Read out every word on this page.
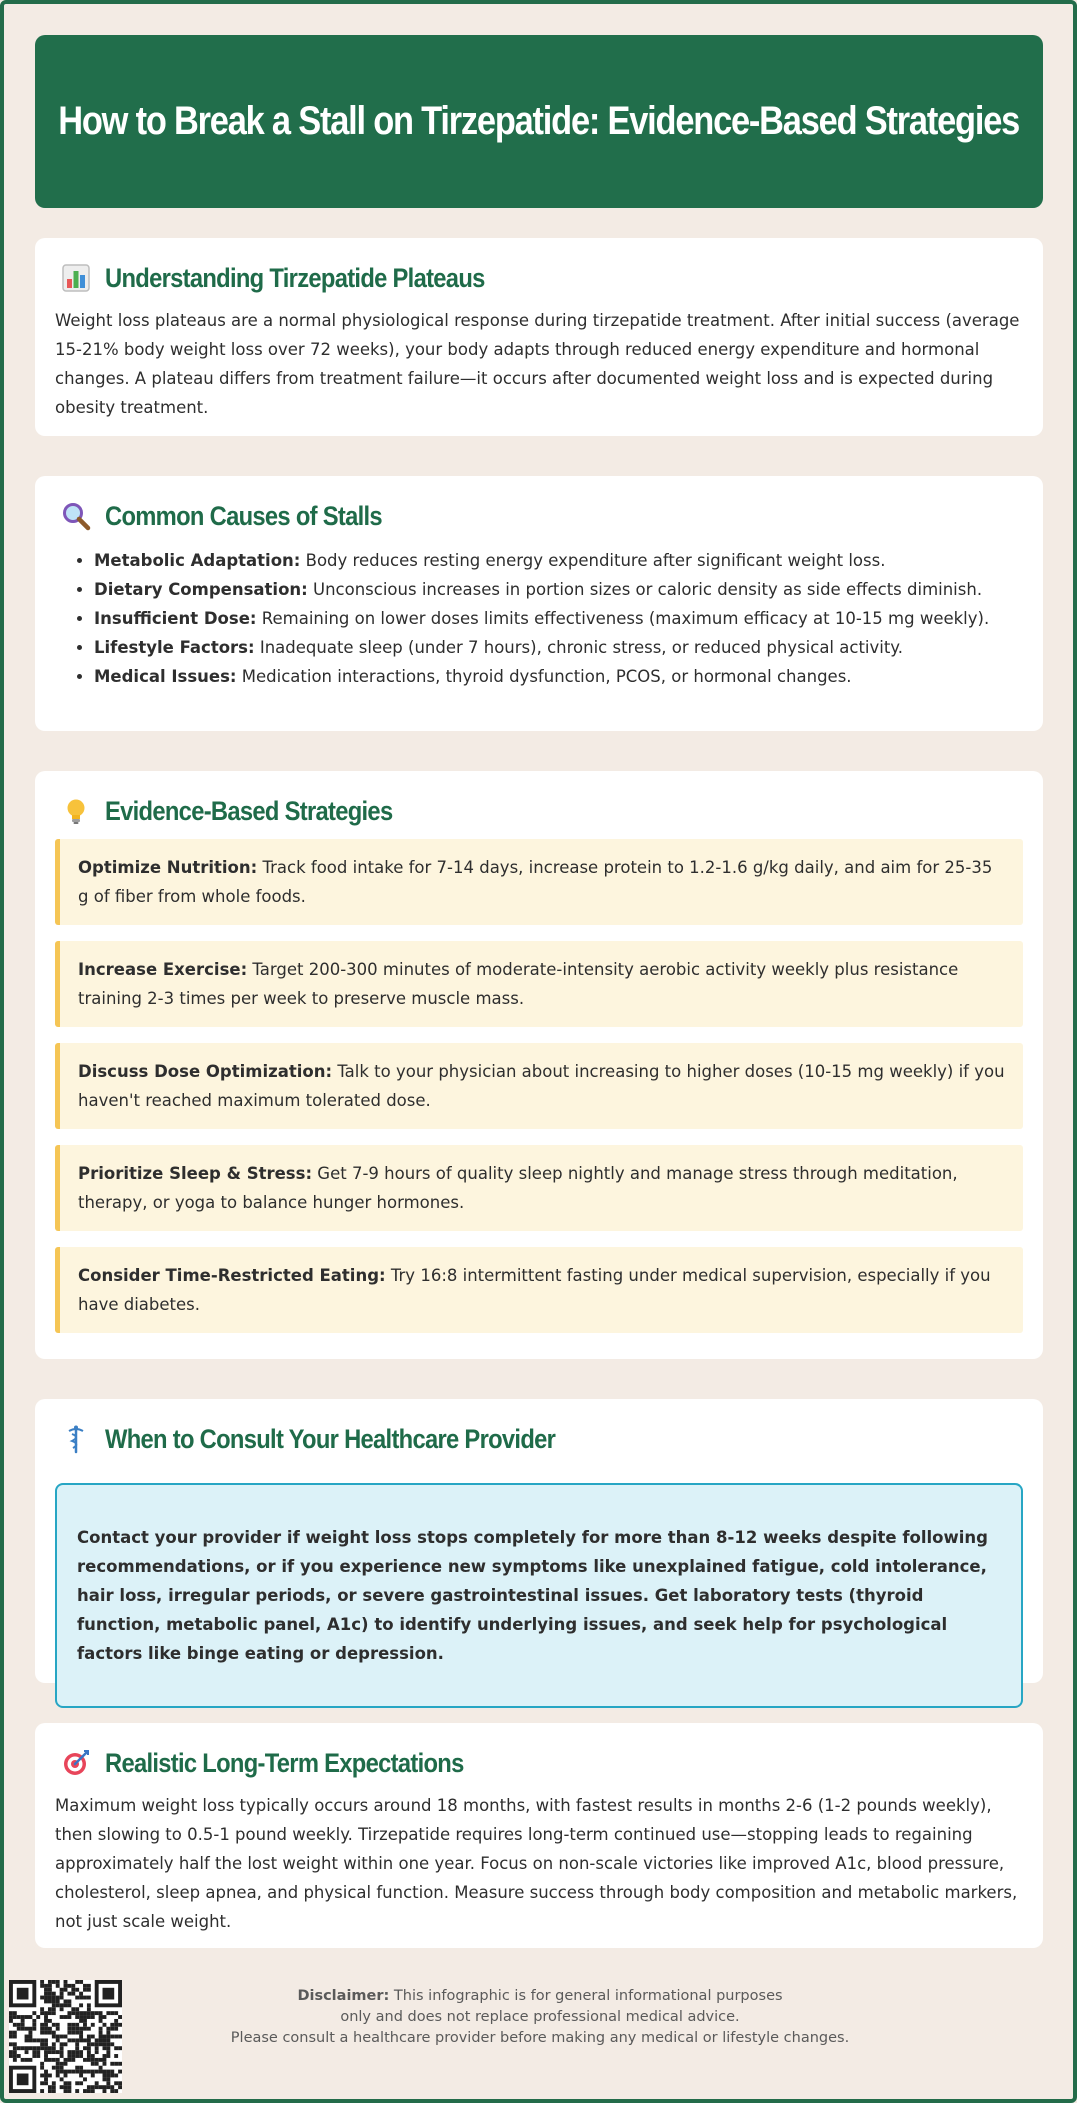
How to Break a Stall on Tirzepatide: Evidence-Based Strategies
Understanding Tirzepatide Plateaus

Weight loss plateaus are a normal physiological response during tirzepatide treatment. After initial success (average 15-21% body weight loss over 72 weeks), your body adapts through reduced energy expenditure and hormonal changes. A plateau differs from treatment failure—it occurs after documented weight loss and is expected during obesity treatment.

Common Causes of Stalls
• Metabolic Adaptation: Body reduces resting energy expenditure after significant weight loss.
• Dietary Compensation: Unconscious increases in portion sizes or caloric density as side effects diminish.
• Insufficient Dose: Remaining on lower doses limits effectiveness (maximum efficacy at 10-15 mg weekly).
• Lifestyle Factors: Inadequate sleep (under 7 hours), chronic stress, or reduced physical activity.
• Medical Issues: Medication interactions, thyroid dysfunction, PCOS, or hormonal changes.
Evidence-Based Strategies
Optimize Nutrition: Track food intake for 7-14 days, increase protein to 1.2-1.6 g/kg daily, and aim for 25-35 g of fiber from whole foods.
Increase Exercise: Target 200-300 minutes of moderate-intensity aerobic activity weekly plus resistance training 2-3 times per week to preserve muscle mass.
Discuss Dose Optimization: Talk to your physician about increasing to higher doses (10-15 mg weekly) if you haven't reached maximum tolerated dose.
Prioritize Sleep & Stress: Get 7-9 hours of quality sleep nightly and manage stress through meditation, therapy, or yoga to balance hunger hormones.
Consider Time-Restricted Eating: Try 16:8 intermittent fasting under medical supervision, especially if you have diabetes.
When to Consult Your Healthcare Provider
Contact your provider if weight loss stops completely for more than 8-12 weeks despite following recommendations, or if you experience new symptoms like unexplained fatigue, cold intolerance, hair loss, irregular periods, or severe gastrointestinal issues. Get laboratory tests (thyroid function, metabolic panel, A1c) to identify underlying issues, and seek help for psychological factors like binge eating or depression.
Realistic Long-Term Expectations

Maximum weight loss typically occurs around 18 months, with fastest results in months 2-6 (1-2 pounds weekly), then slowing to 0.5-1 pound weekly. Tirzepatide requires long-term continued use—stopping leads to regaining approximately half the lost weight within one year. Focus on non-scale victories like improved A1c, blood pressure, cholesterol, sleep apnea, and physical function. Measure success through body composition and metabolic markers, not just scale weight.

Disclaimer: This infographic is for general informational purposes
only and does not replace professional medical advice.
Please consult a healthcare provider before making any medical or lifestyle changes.
